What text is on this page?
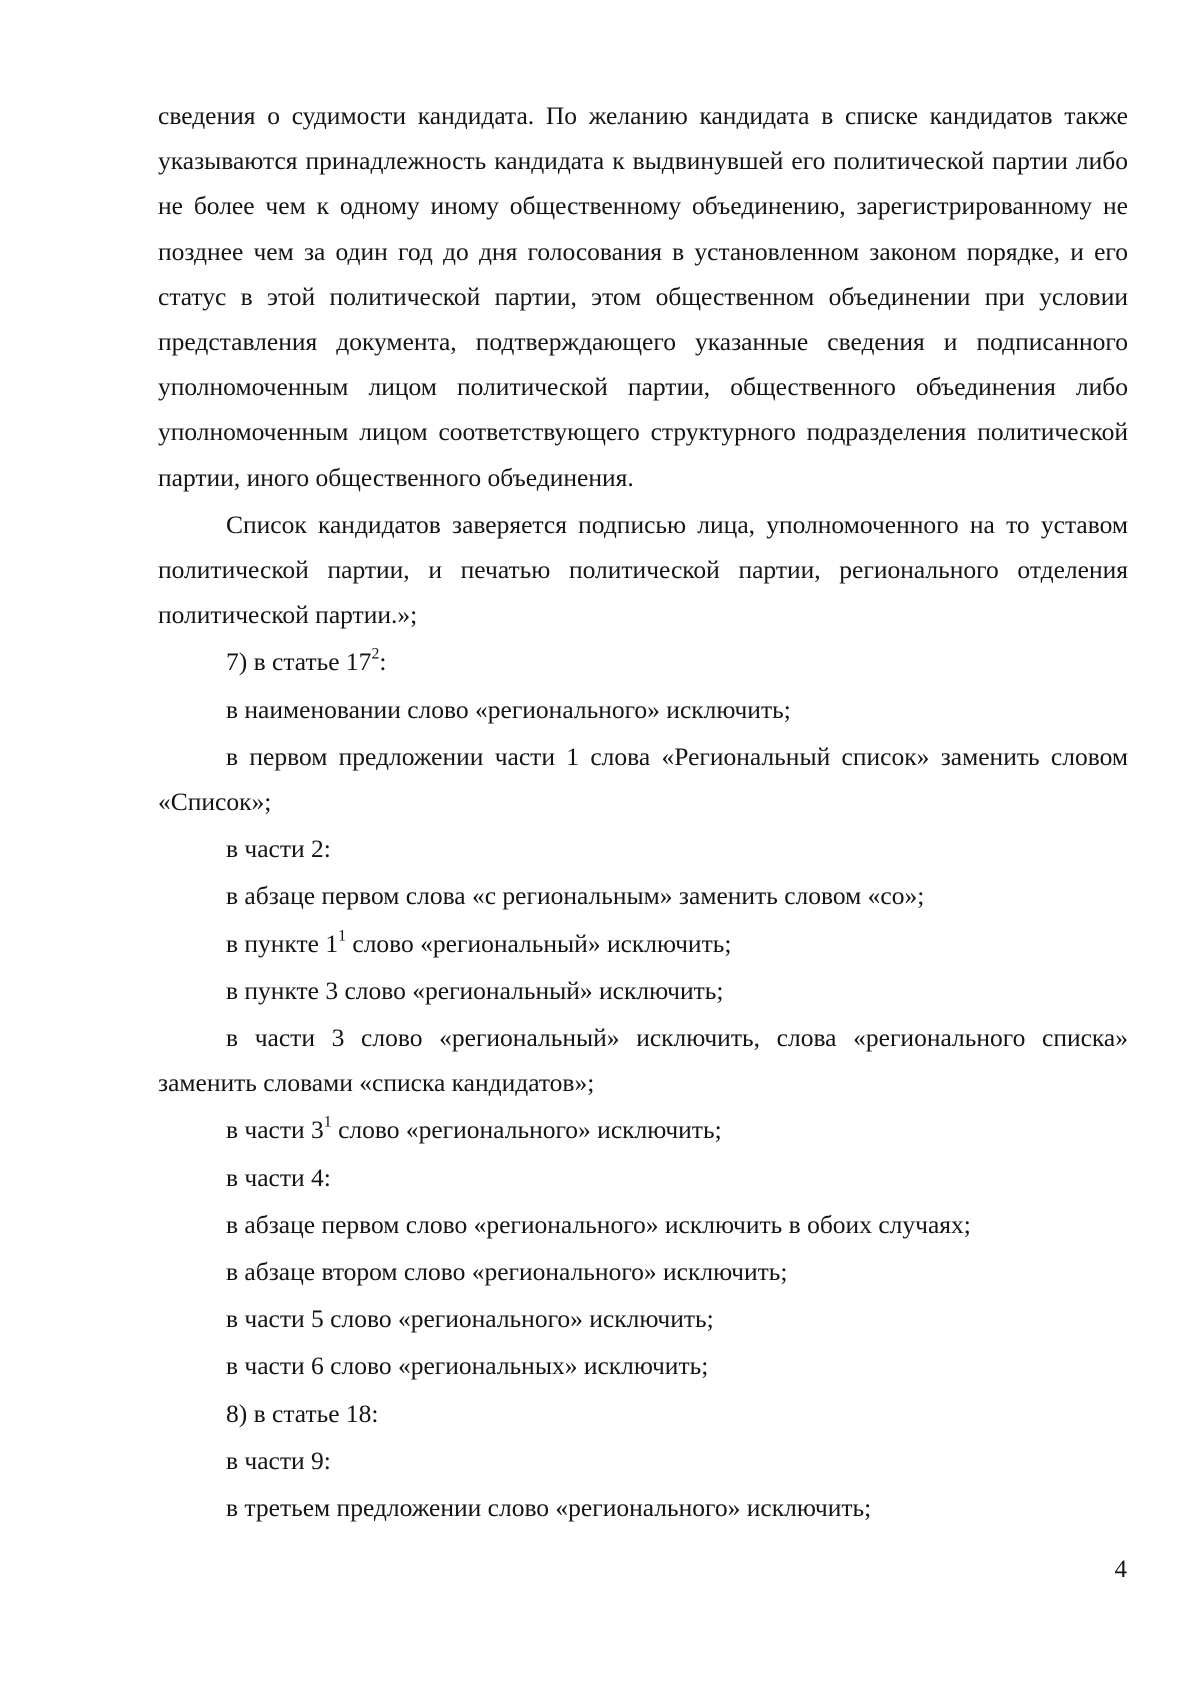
сведения о судимости кандидата. По желанию кандидата в списке кандидатов также указываются принадлежность кандидата к выдвинувшей его политической партии либо не более чем к одному иному общественному объединению, зарегистрированному не позднее чем за один год до дня голосования в установленном законом порядке, и его статус в этой политической партии, этом общественном объединении при условии представления документа, подтверждающего указанные сведения и подписанного уполномоченным лицом политической партии, общественного объединения либо уполномоченным лицом соответствующего структурного подразделения политической партии, иного общественного объединения.

Список кандидатов заверяется подписью лица, уполномоченного на то уставом политической партии, и печатью политической партии, регионального отделения политической партии.»;

7) в статье $17^2$:

в наименовании слово «регионального» исключить;

в первом предложении части 1 слова «Региональный список» заменить словом «Список»;

в части 2:

в абзаце первом слова «с региональным» заменить словом «со»;

в пункте $1^1$ слово «региональный» исключить;

в пункте 3 слово «региональный» исключить;

в части 3 слово «региональный» исключить, слова «регионального списка» заменить словами «списка кандидатов»;

в части $3^1$ слово «регионального» исключить;

в части 4:

в абзаце первом слово «регионального» исключить в обоих случаях;

в абзаце втором слово «регионального» исключить;

в части 5 слово «регионального» исключить;

в части 6 слово «региональных» исключить;

8) в статье 18:

в части 9:

в третьем предложении слово «регионального» исключить;

4
